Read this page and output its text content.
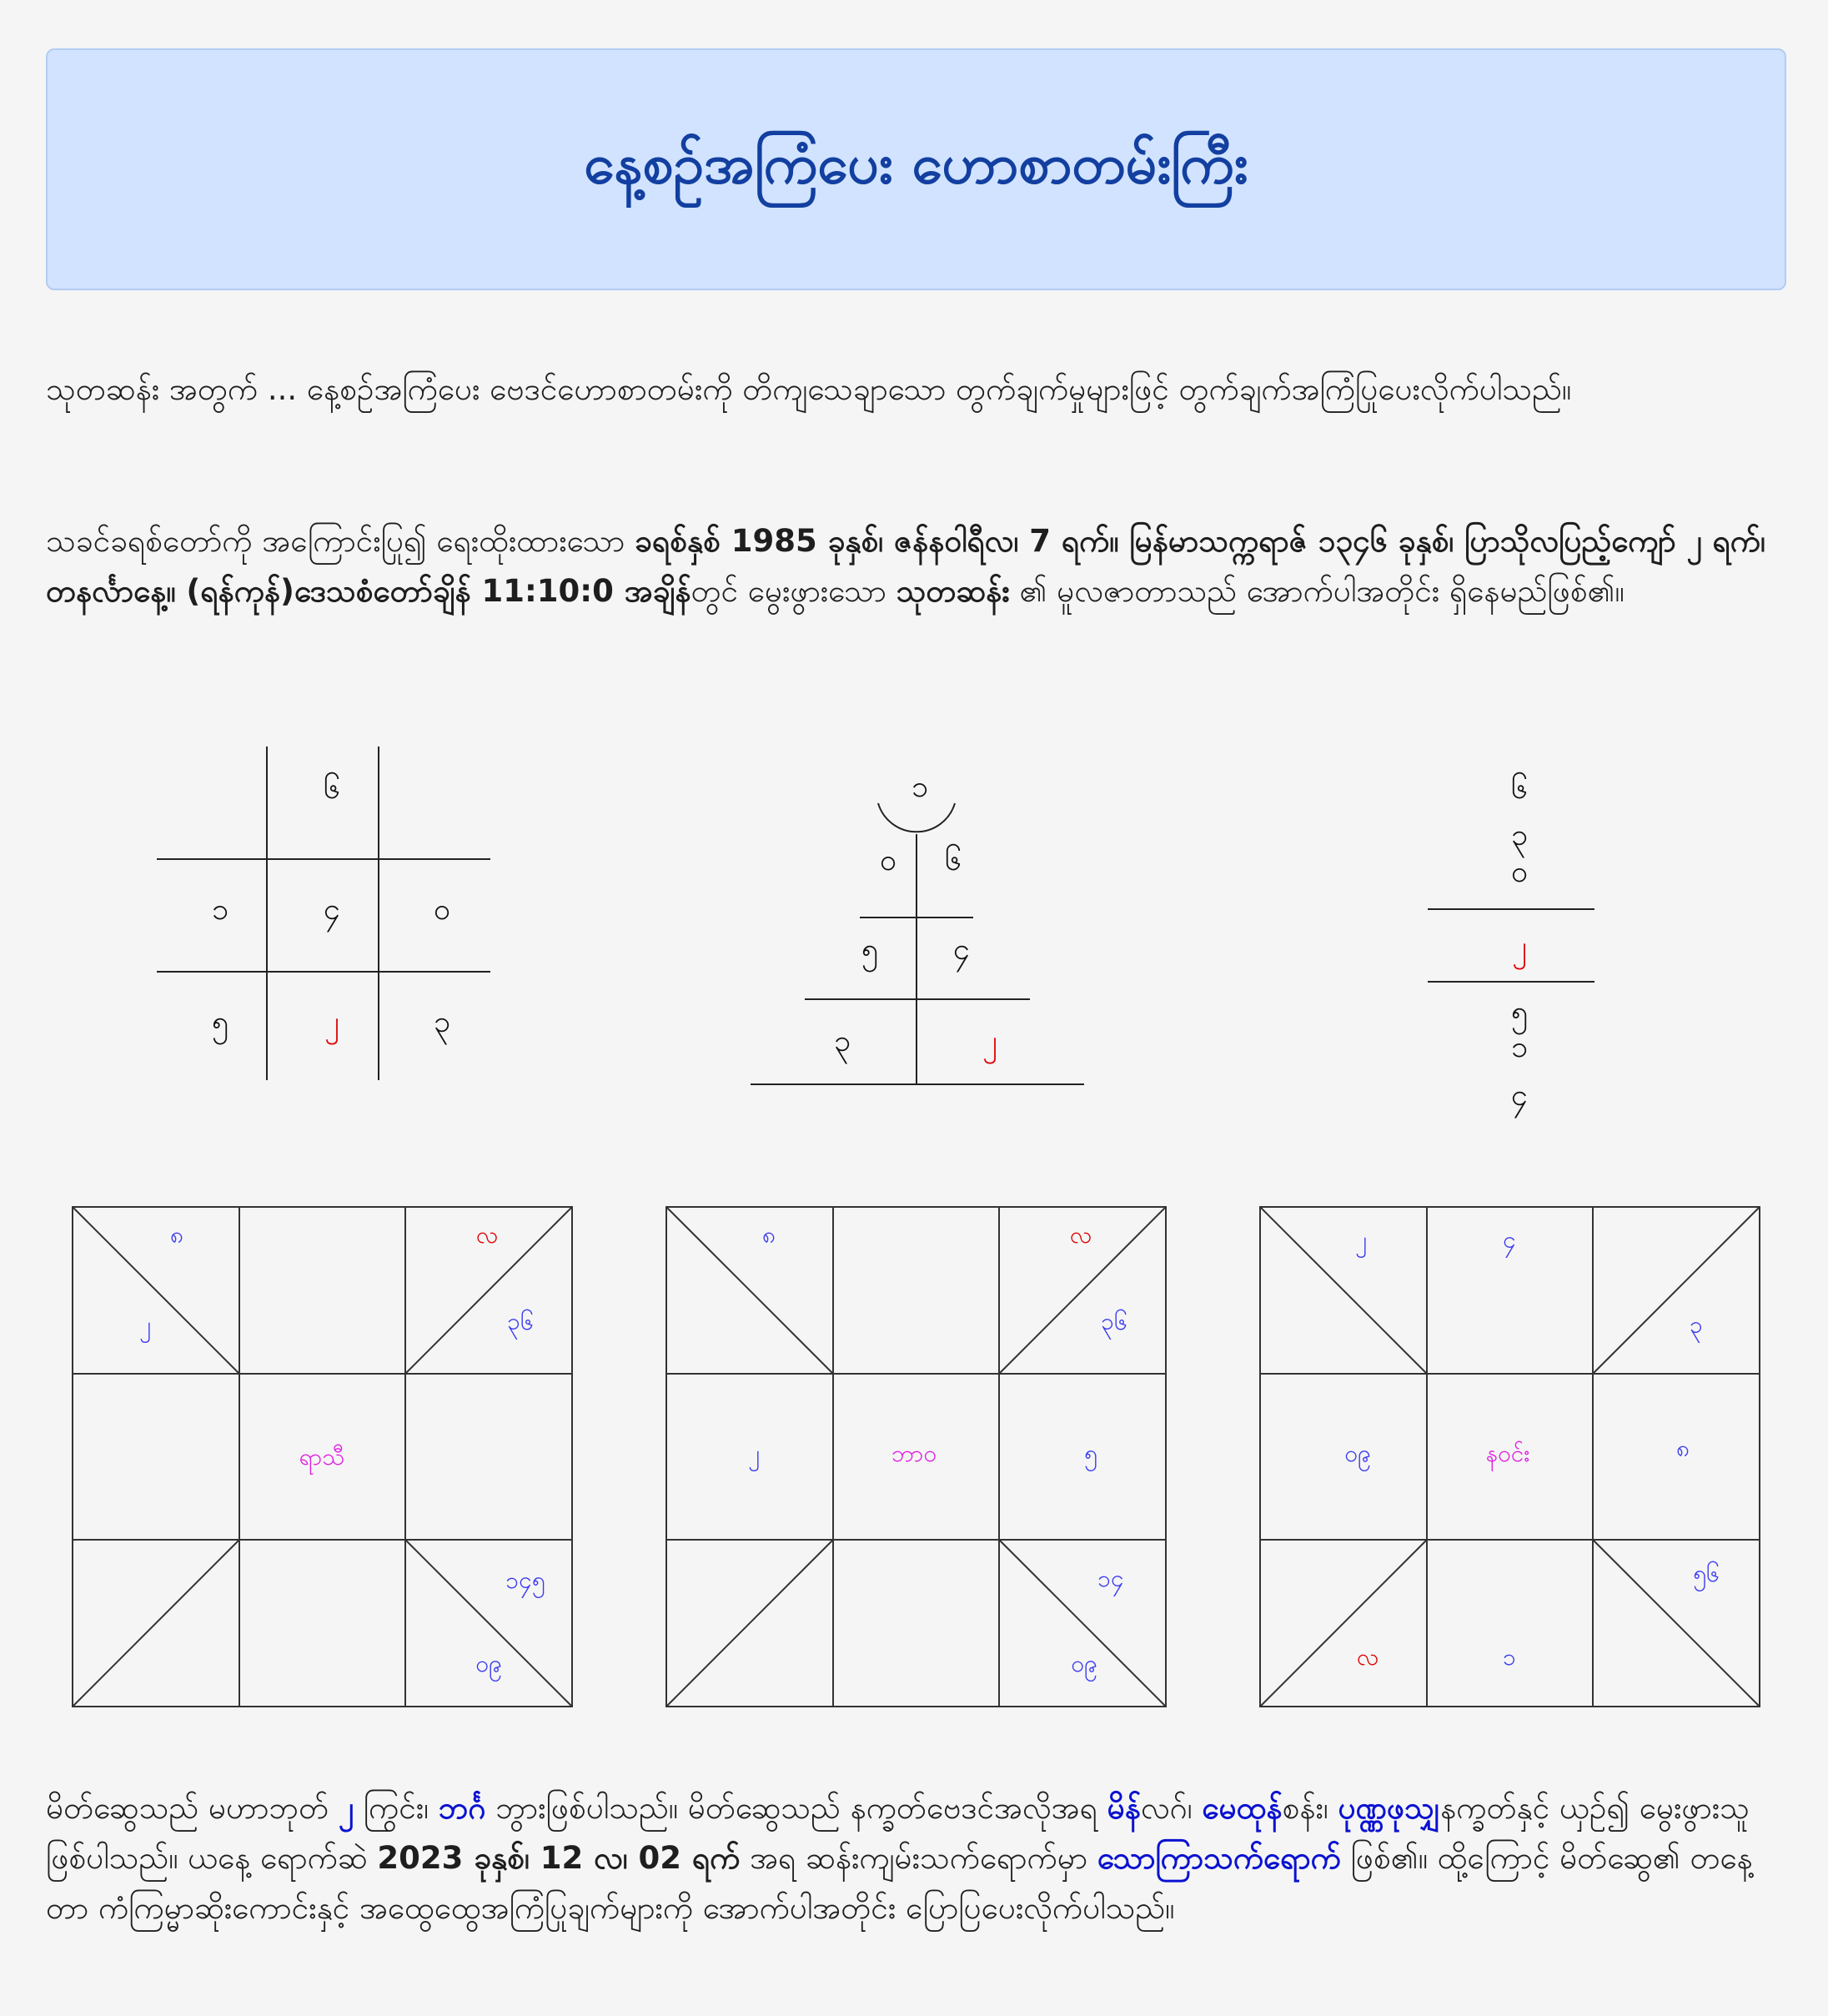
နေ့စဉ်အကြံပေး ဟောစာတမ်းကြီး

သုတဆန်း အတွက် ... နေ့စဉ်အကြံပေး ဗေဒင်ဟောစာတမ်းကို တိကျသေချာသော တွက်ချက်မှုများဖြင့် တွက်ချက်အကြံပြုပေးလိုက်ပါသည်။

သခင်ခရစ်တော်ကို အကြောင်းပြု၍ ရေးထိုးထားသော ခရစ်နှစ် 1985 ခုနှစ်၊ ဇန်နဝါရီလ၊ 7 ရက်။ မြန်မာသက္ကရာဇ် ၁၃၄၆ ခုနှစ်၊ ပြာသိုလပြည့်ကျော် ၂ ရက်၊ တနင်္လာနေ့။ (ရန်ကုန်)ဒေသစံတော်ချိန် 11:10:0 အချိန်တွင် မွေးဖွားသော သုတဆန်း ၏ မူလဇာတာသည် အောက်ပါအတိုင်း ရှိနေမည်ဖြစ်၏။

၆
၁	၄	၀
၅	၂	၃
၁
၀ ၆
၅ ၄
၃	၂
၆
၃
၀
၂
၅
၁
၄
၈
၂
လ
၃၆
ရာသီ
၁၄၅
၀၉
၈	လ
၃၆
ဘာဝ
၂	၅
၁၄
၀၉
၂	၄
၃
နဝင်း
၀၉	၈
၅၆
လ	၁

မိတ်ဆွေသည် မဟာဘုတ် ၂ ကြွင်း၊ ဘင်္ဂ ဘွားဖြစ်ပါသည်။ မိတ်ဆွေသည် နက္ခတ်ဗေဒင်အလိုအရ မိန်လဂ်၊ မေထုန်စန်း၊ ပုဏ္ဏဖုသျှနက္ခတ်နှင့် ယှဉ်၍ မွေးဖွားသူဖြစ်ပါသည်။ ယနေ့ ရောက်ဆဲ 2023 ခုနှစ်၊ 12 လ၊ 02 ရက် အရ ဆန်းကျမ်းသက်ရောက်မှာ သောကြာသက်ရောက် ဖြစ်၏။ ထို့ကြောင့် မိတ်ဆွေ၏ တနေ့တာ ကံကြမ္မာဆိုးကောင်းနှင့် အထွေထွေအကြံပြုချက်များကို အောက်ပါအတိုင်း ပြောပြပေးလိုက်ပါသည်။
